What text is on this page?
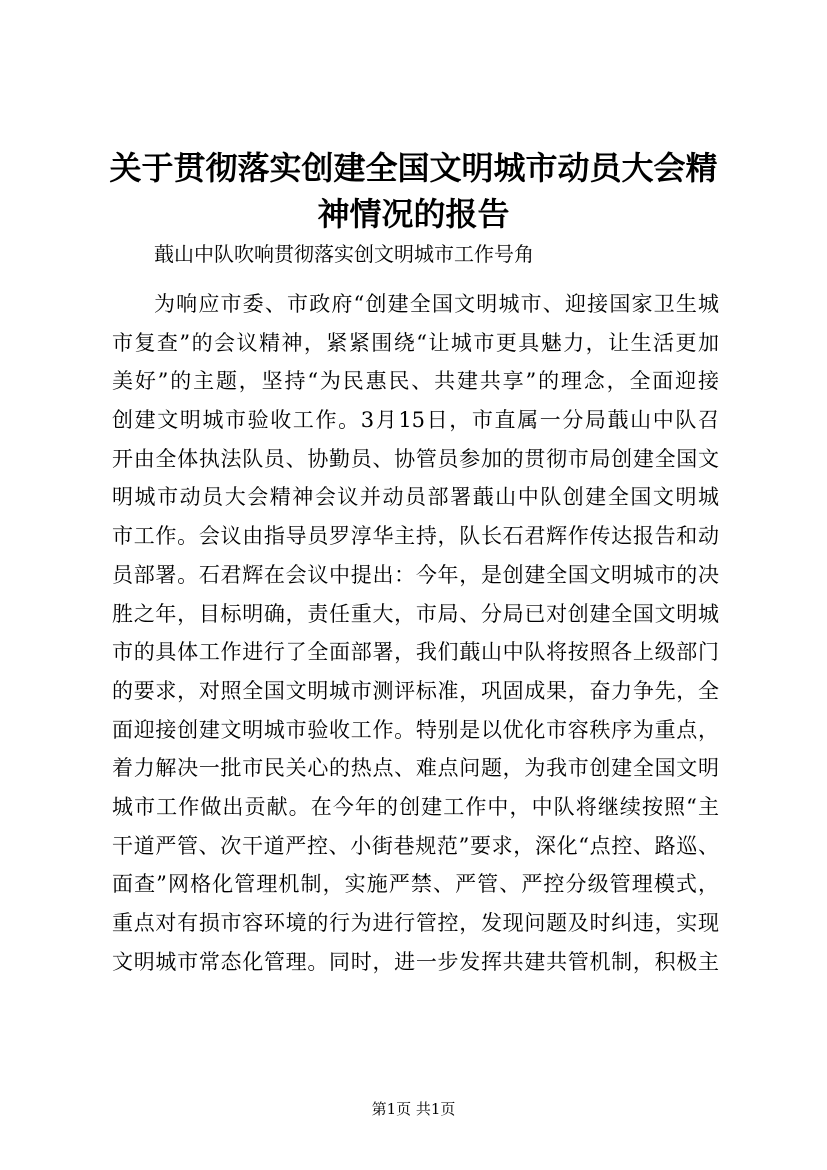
关于贯彻落实创建全国文明城市动员大会精神情况的报告

蕺山中队吹响贯彻落实创文明城市工作号角

为响应市委、市政府“创建全国文明城市、迎接国家卫生城
市复查”的会议精神，紧紧围绕“让城市更具魅力，让生活更加
美好”的主题，坚持“为民惠民、共建共享”的理念，全面迎接
创建文明城市验收工作。3月15日，市直属一分局蕺山中队召
开由全体执法队员、协勤员、协管员参加的贯彻市局创建全国文
明城市动员大会精神会议并动员部署蕺山中队创建全国文明城
市工作。会议由指导员罗淳华主持，队长石君辉作传达报告和动
员部署。石君辉在会议中提出：今年，是创建全国文明城市的决
胜之年，目标明确，责任重大，市局、分局已对创建全国文明城
市的具体工作进行了全面部署，我们蕺山中队将按照各上级部门
的要求，对照全国文明城市测评标准，巩固成果，奋力争先，全
面迎接创建文明城市验收工作。特别是以优化市容秩序为重点，
着力解决一批市民关心的热点、难点问题，为我市创建全国文明
城市工作做出贡献。在今年的创建工作中，中队将继续按照“主
干道严管、次干道严控、小街巷规范”要求，深化“点控、路巡、
面查”网格化管理机制，实施严禁、严管、严控分级管理模式，
重点对有损市容环境的行为进行管控，发现问题及时纠违，实现
文明城市常态化管理。同时，进一步发挥共建共管机制，积极主
第1页 共1页
